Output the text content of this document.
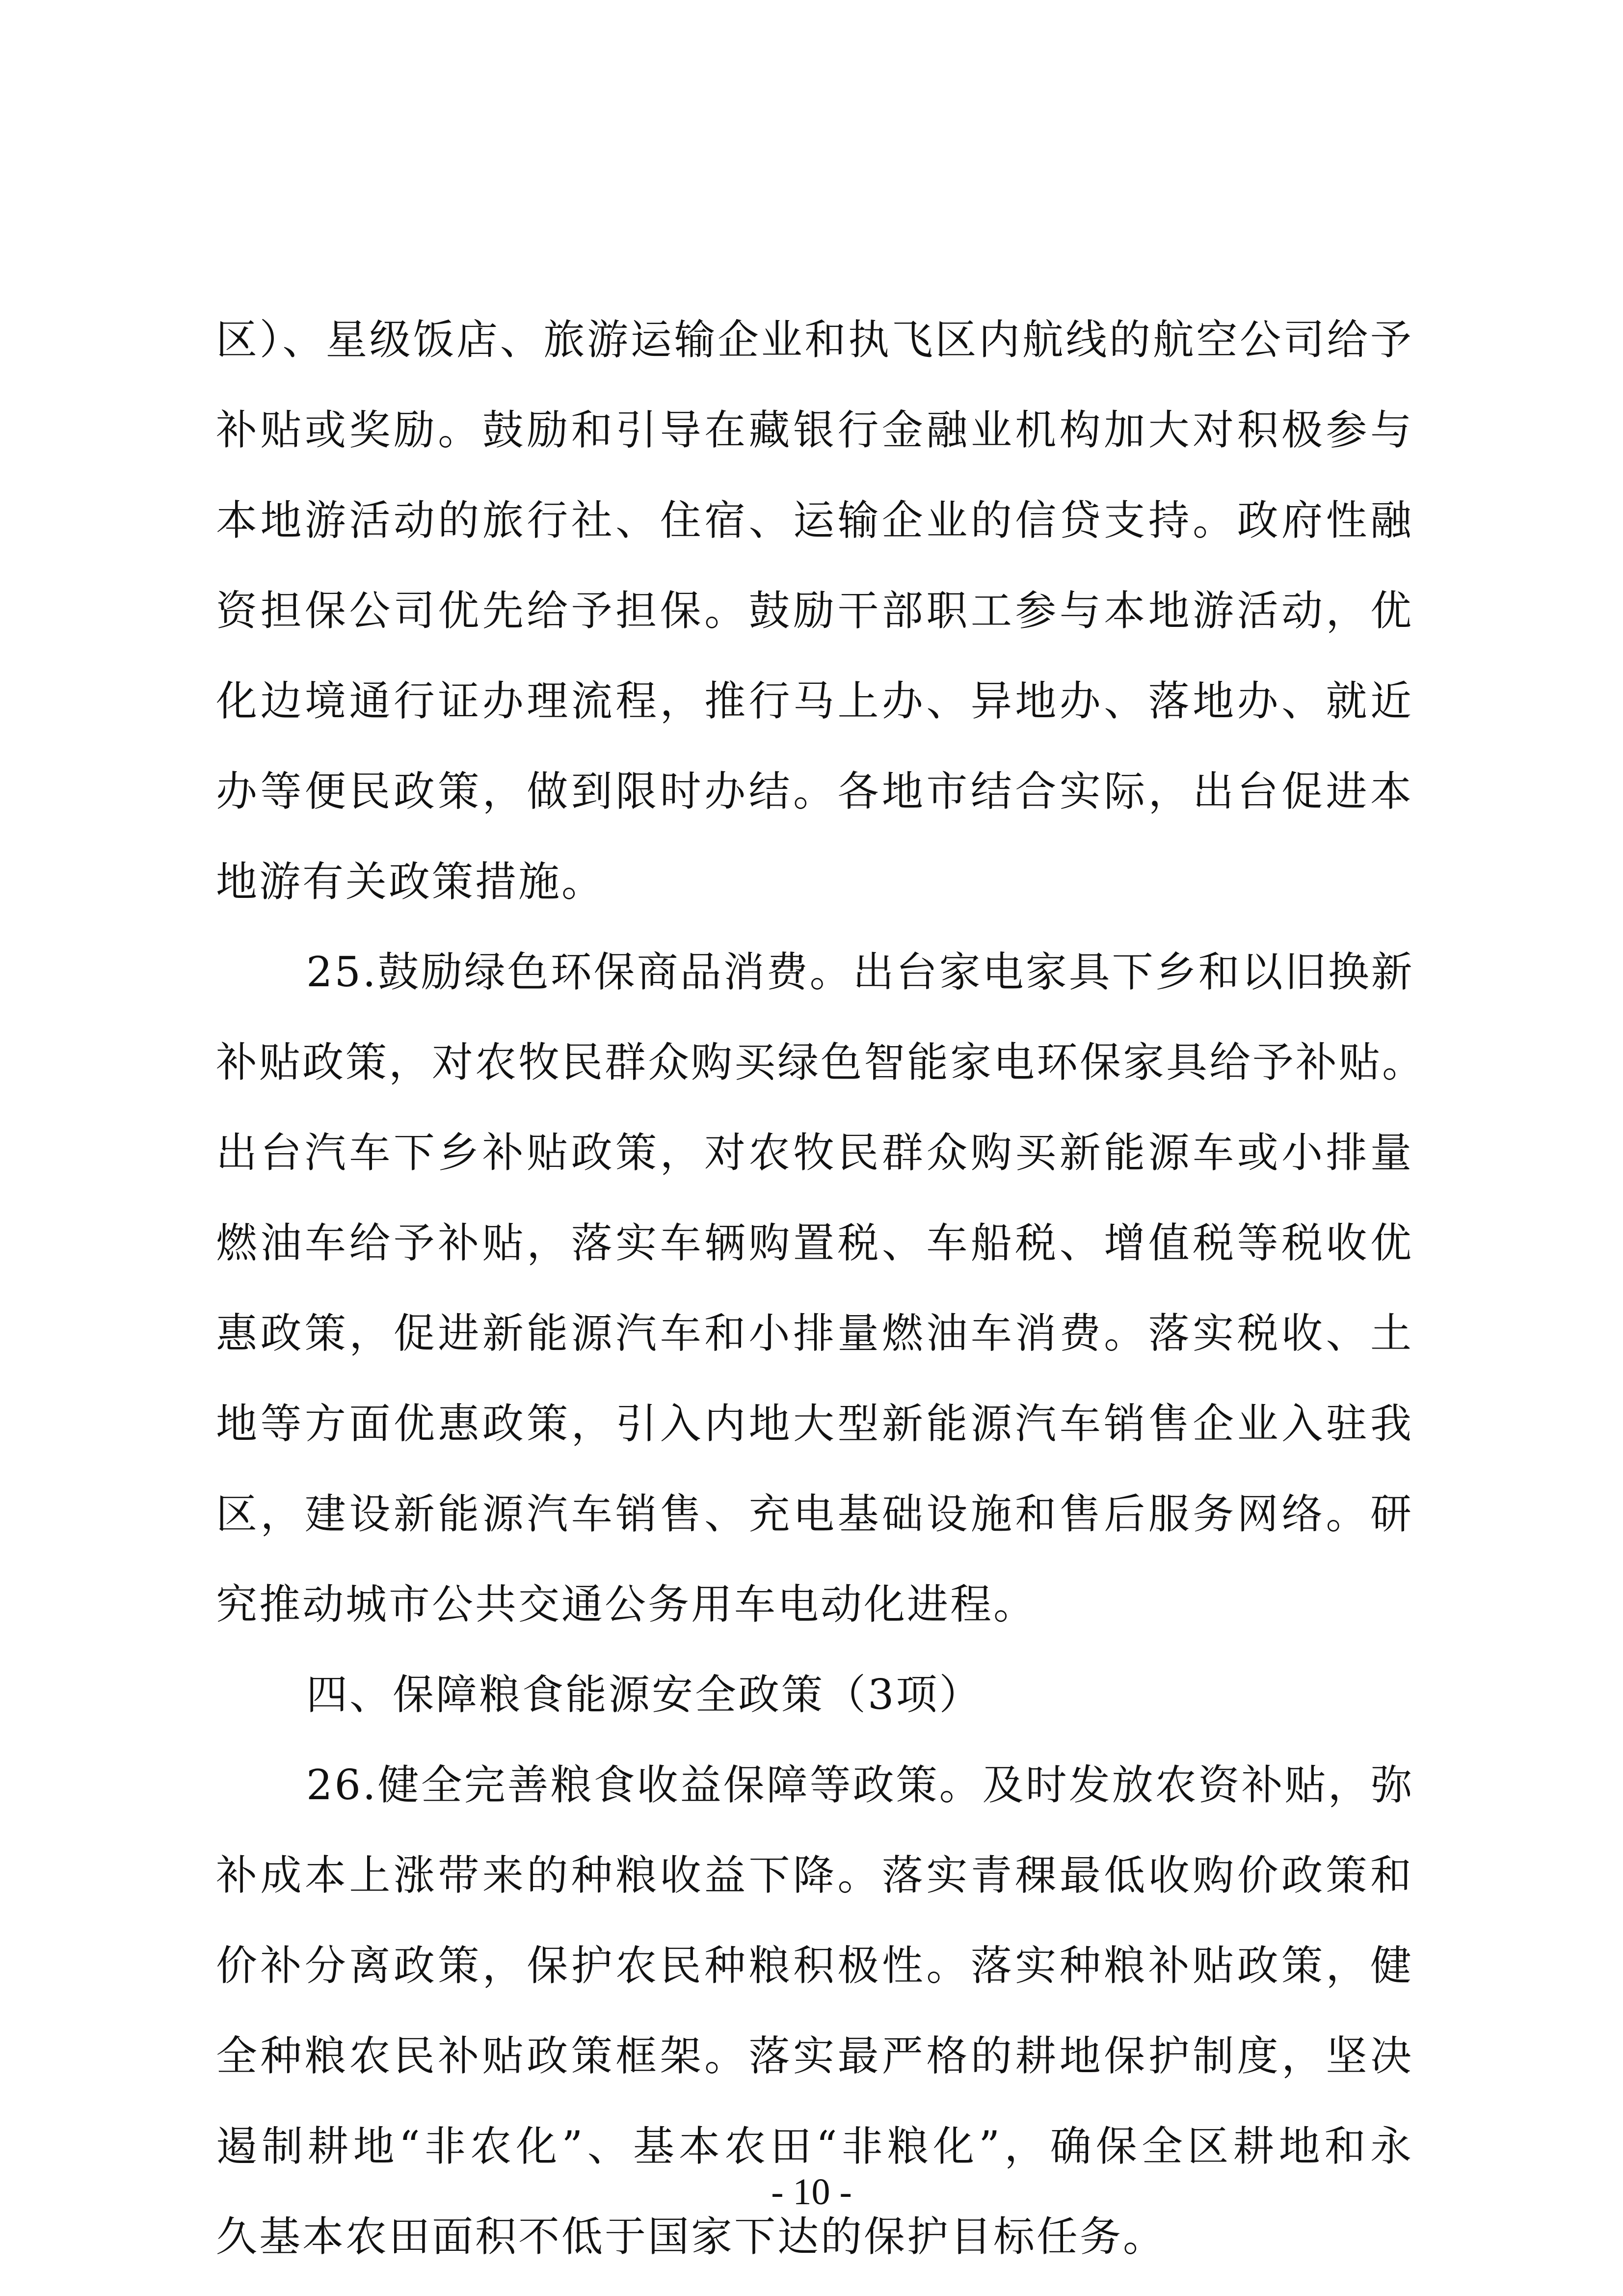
区）、星级饭店、旅游运输企业和执飞区内航线的航空公司给予
补贴或奖励。鼓励和引导在藏银行金融业机构加大对积极参与
本地游活动的旅行社、住宿、运输企业的信贷支持。政府性融
资担保公司优先给予担保。鼓励干部职工参与本地游活动，优
化边境通行证办理流程，推行马上办、异地办、落地办、就近
办等便民政策，做到限时办结。各地市结合实际，出台促进本
地游有关政策措施。
25.鼓励绿色环保商品消费。出台家电家具下乡和以旧换新
补贴政策，对农牧民群众购买绿色智能家电环保家具给予补贴。
出台汽车下乡补贴政策，对农牧民群众购买新能源车或小排量
燃油车给予补贴，落实车辆购置税、车船税、增值税等税收优
惠政策，促进新能源汽车和小排量燃油车消费。落实税收、土
地等方面优惠政策，引入内地大型新能源汽车销售企业入驻我
区，建设新能源汽车销售、充电基础设施和售后服务网络。研
究推动城市公共交通公务用车电动化进程。
四、保障粮食能源安全政策（3项）
26.健全完善粮食收益保障等政策。及时发放农资补贴，弥
补成本上涨带来的种粮收益下降。落实青稞最低收购价政策和
价补分离政策，保护农民种粮积极性。落实种粮补贴政策，健
全种粮农民补贴政策框架。落实最严格的耕地保护制度，坚决
遏制耕地“非农化”、基本农田“非粮化”，确保全区耕地和永
久基本农田面积不低于国家下达的保护目标任务。
- 10 -
